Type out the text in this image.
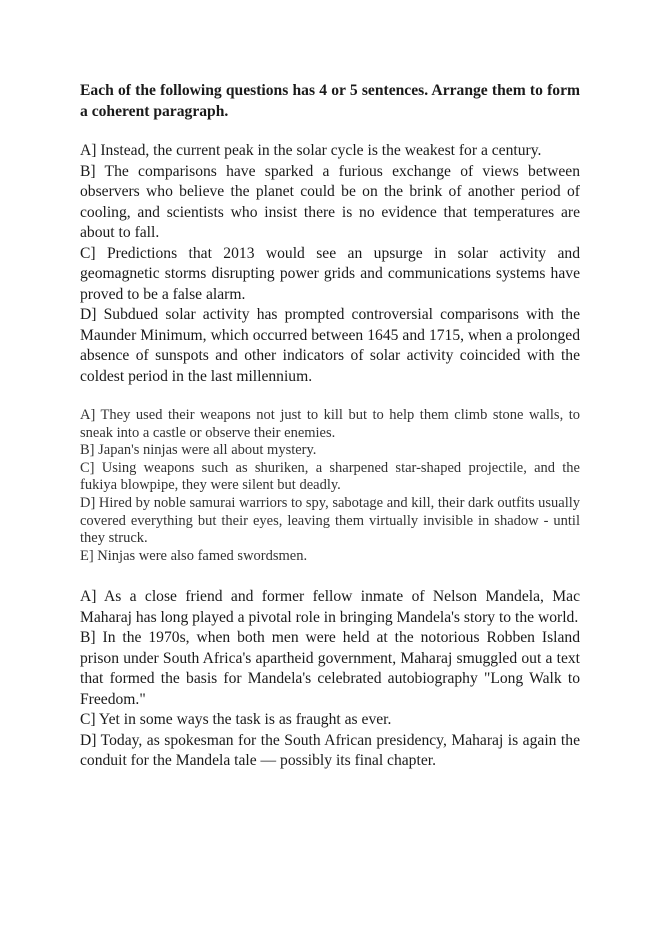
Each of the following questions has 4 or 5 sentences. Arrange them to form a coherent paragraph.

A] Instead, the current peak in the solar cycle is the weakest for a century.

B] The comparisons have sparked a furious exchange of views between observers who believe the planet could be on the brink of another period of cooling, and scientists who insist there is no evidence that temperatures are about to fall.

C] Predictions that 2013 would see an upsurge in solar activity and geomagnetic storms disrupting power grids and communications systems have proved to be a false alarm.

D] Subdued solar activity has prompted controversial comparisons with the Maunder Minimum, which occurred between 1645 and 1715, when a prolonged absence of sunspots and other indicators of solar activity coincided with the coldest period in the last millennium.

A] They used their weapons not just to kill but to help them climb stone walls, to sneak into a castle or observe their enemies.

B] Japan's ninjas were all about mystery.

C] Using weapons such as shuriken, a sharpened star-shaped projectile, and the fukiya blowpipe, they were silent but deadly.

D] Hired by noble samurai warriors to spy, sabotage and kill, their dark outfits usually covered everything but their eyes, leaving them virtually invisible in shadow - until they struck.

E] Ninjas were also famed swordsmen.

A] As a close friend and former fellow inmate of Nelson Mandela, Mac Maharaj has long played a pivotal role in bringing Mandela's story to the world.

B] In the 1970s, when both men were held at the notorious Robben Island prison under South Africa's apartheid government, Maharaj smuggled out a text that formed the basis for Mandela's celebrated autobiography "Long Walk to Freedom."

C] Yet in some ways the task is as fraught as ever.

D] Today, as spokesman for the South African presidency, Maharaj is again the conduit for the Mandela tale — possibly its final chapter.
